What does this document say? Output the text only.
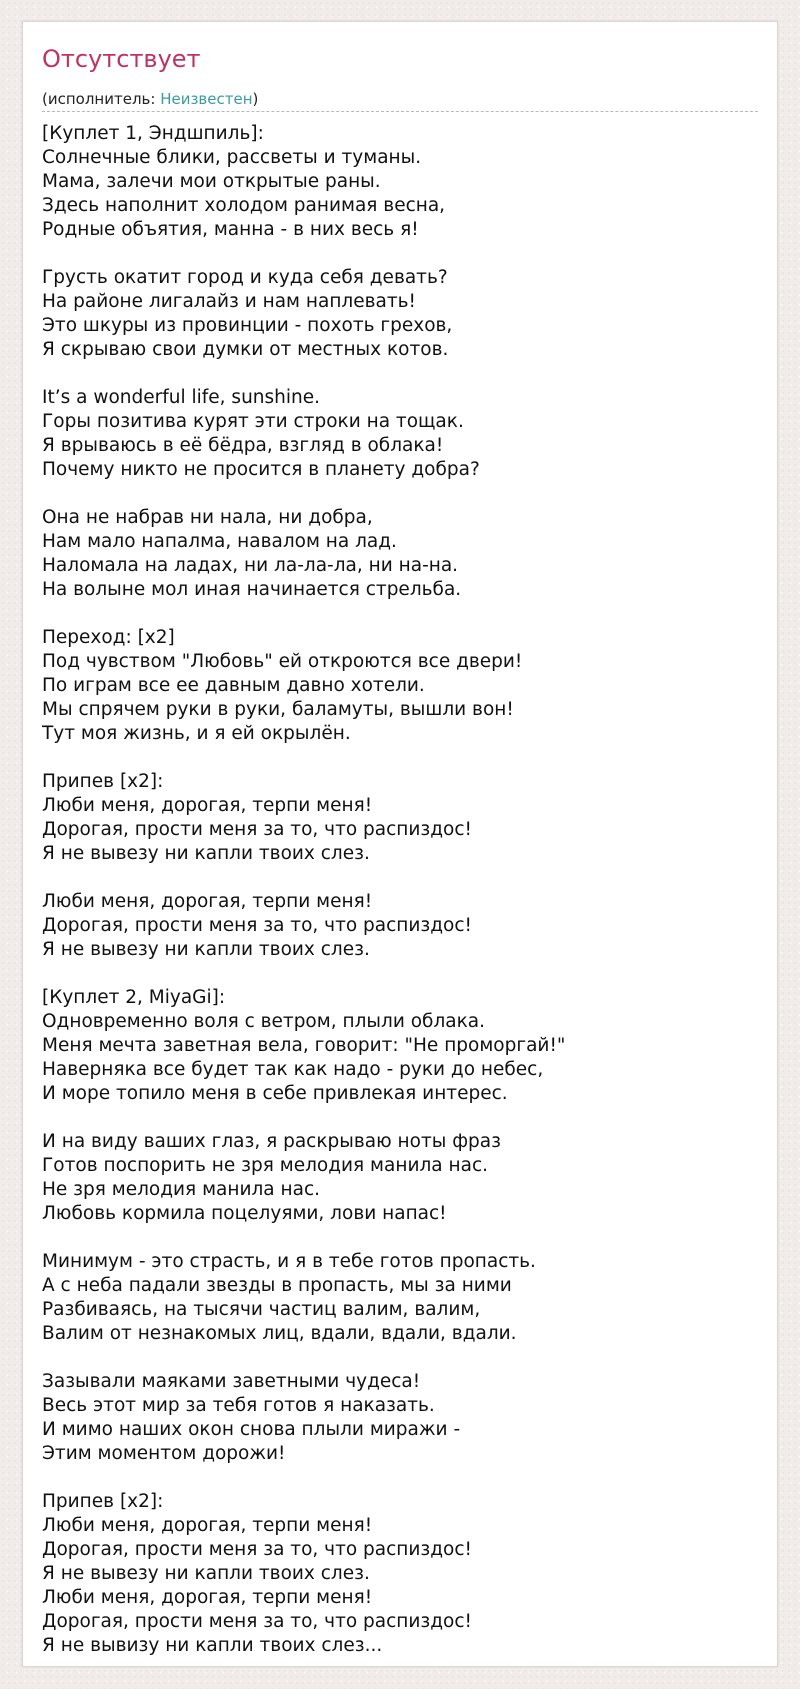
Отсутствует
(исполнитель: Неизвестен)
[Куплет 1, Эндшпиль]:
Солнечные блики, рассветы и туманы.
Мама, залечи мои открытые раны.
Здесь наполнит холодом ранимая весна,
Родные объятия, манна - в них весь я!

Грусть окатит город и куда себя девать?
На районе лигалайз и нам наплевать!
Это шкуры из провинции - похоть грехов,
Я скрываю свои думки от местных котов.

It’s a wonderful life, sunshine.
Горы позитива курят эти строки на тощак.
Я врываюсь в её бёдра, взгляд в облака!
Почему никто не просится в планету добра?

Она не набрав ни нала, ни добра,
Нам мало напалма, навалом на лад.
Наломала на ладах, ни ла-ла-ла, ни на-на.
На волыне мол иная начинается стрельба.

Переход: [x2]
Под чувством "Любовь" ей откроются все двери!
По играм все ее давным давно хотели.
Мы спрячем руки в руки, баламуты, вышли вон!
Тут моя жизнь, и я ей окрылён.

Припев [x2]:
Люби меня, дорогая, терпи меня!
Дорогая, прости меня за то, что распиздос!
Я не вывезу ни капли твоих слез.

Люби меня, дорогая, терпи меня!
Дорогая, прости меня за то, что распиздос!
Я не вывезу ни капли твоих слез.

[Куплет 2, MiyaGi]:
Одновременно воля с ветром, плыли облака.
Меня мечта заветная вела, говорит: "Не проморгай!"
Наверняка все будет так как надо - руки до небес,
И море топило меня в себе привлекая интерес.

И на виду ваших глаз, я раскрываю ноты фраз
Готов поспорить не зря мелодия манила нас.
Не зря мелодия манила нас.
Любовь кормила поцелуями, лови напас!

Минимум - это страсть, и я в тебе готов пропасть.
А с неба падали звезды в пропасть, мы за ними
Разбиваясь, на тысячи частиц валим, валим,
Валим от незнакомых лиц, вдали, вдали, вдали.

Зазывали маяками заветными чудеса!
Весь этот мир за тебя готов я наказать.
И мимо наших окон снова плыли миражи -
Этим моментом дорожи!

Припев [x2]:
Люби меня, дорогая, терпи меня!
Дорогая, прости меня за то, что распиздос!
Я не вывезу ни капли твоих слез.
Люби меня, дорогая, терпи меня!
Дорогая, прости меня за то, что распиздос!
Я не вывизу ни капли твоих слез...
